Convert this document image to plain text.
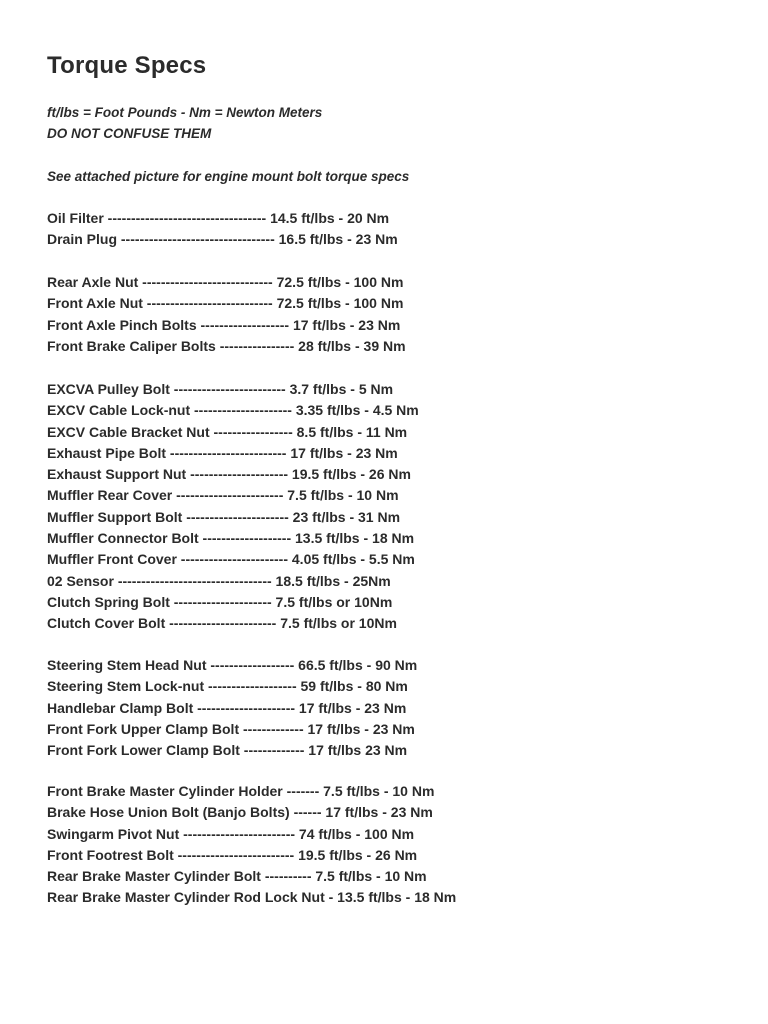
Torque Specs
ft/lbs = Foot Pounds - Nm = Newton Meters
DO NOT CONFUSE THEM
See attached picture for engine mount bolt torque specs
Oil Filter ---------------------------------- 14.5 ft/lbs - 20 Nm
Drain Plug --------------------------------- 16.5 ft/lbs - 23 Nm
Rear Axle Nut ---------------------------- 72.5 ft/lbs - 100 Nm
Front Axle Nut --------------------------- 72.5 ft/lbs - 100 Nm
Front Axle Pinch Bolts ------------------- 17 ft/lbs - 23 Nm
Front Brake Caliper Bolts ---------------- 28 ft/lbs - 39 Nm
EXCVA Pulley Bolt ------------------------ 3.7 ft/lbs - 5 Nm
EXCV Cable Lock-nut --------------------- 3.35 ft/lbs - 4.5 Nm
EXCV Cable Bracket Nut ----------------- 8.5 ft/lbs - 11 Nm
Exhaust Pipe Bolt ------------------------- 17 ft/lbs - 23 Nm
Exhaust Support Nut --------------------- 19.5 ft/lbs - 26 Nm
Muffler Rear Cover ----------------------- 7.5 ft/lbs - 10 Nm
Muffler Support Bolt ---------------------- 23 ft/lbs - 31 Nm
Muffler Connector Bolt ------------------- 13.5 ft/lbs - 18 Nm
Muffler Front Cover ----------------------- 4.05 ft/lbs - 5.5 Nm
02 Sensor --------------------------------- 18.5 ft/lbs - 25Nm
Clutch Spring Bolt --------------------- 7.5 ft/lbs or 10Nm
Clutch Cover Bolt ----------------------- 7.5 ft/lbs or 10Nm
Steering Stem Head Nut ------------------ 66.5 ft/lbs - 90 Nm
Steering Stem Lock-nut ------------------- 59 ft/lbs - 80 Nm
Handlebar Clamp Bolt --------------------- 17 ft/lbs - 23 Nm
Front Fork Upper Clamp Bolt ------------- 17 ft/lbs - 23 Nm
Front Fork Lower Clamp Bolt ------------- 17 ft/lbs 23 Nm
Front Brake Master Cylinder Holder ------- 7.5 ft/lbs - 10 Nm
Brake Hose Union Bolt (Banjo Bolts) ------ 17 ft/lbs - 23 Nm
Swingarm Pivot Nut ------------------------ 74 ft/lbs - 100 Nm
Front Footrest Bolt ------------------------- 19.5 ft/lbs - 26 Nm
Rear Brake Master Cylinder Bolt ---------- 7.5 ft/lbs - 10 Nm
Rear Brake Master Cylinder Rod Lock Nut - 13.5 ft/lbs - 18 Nm
